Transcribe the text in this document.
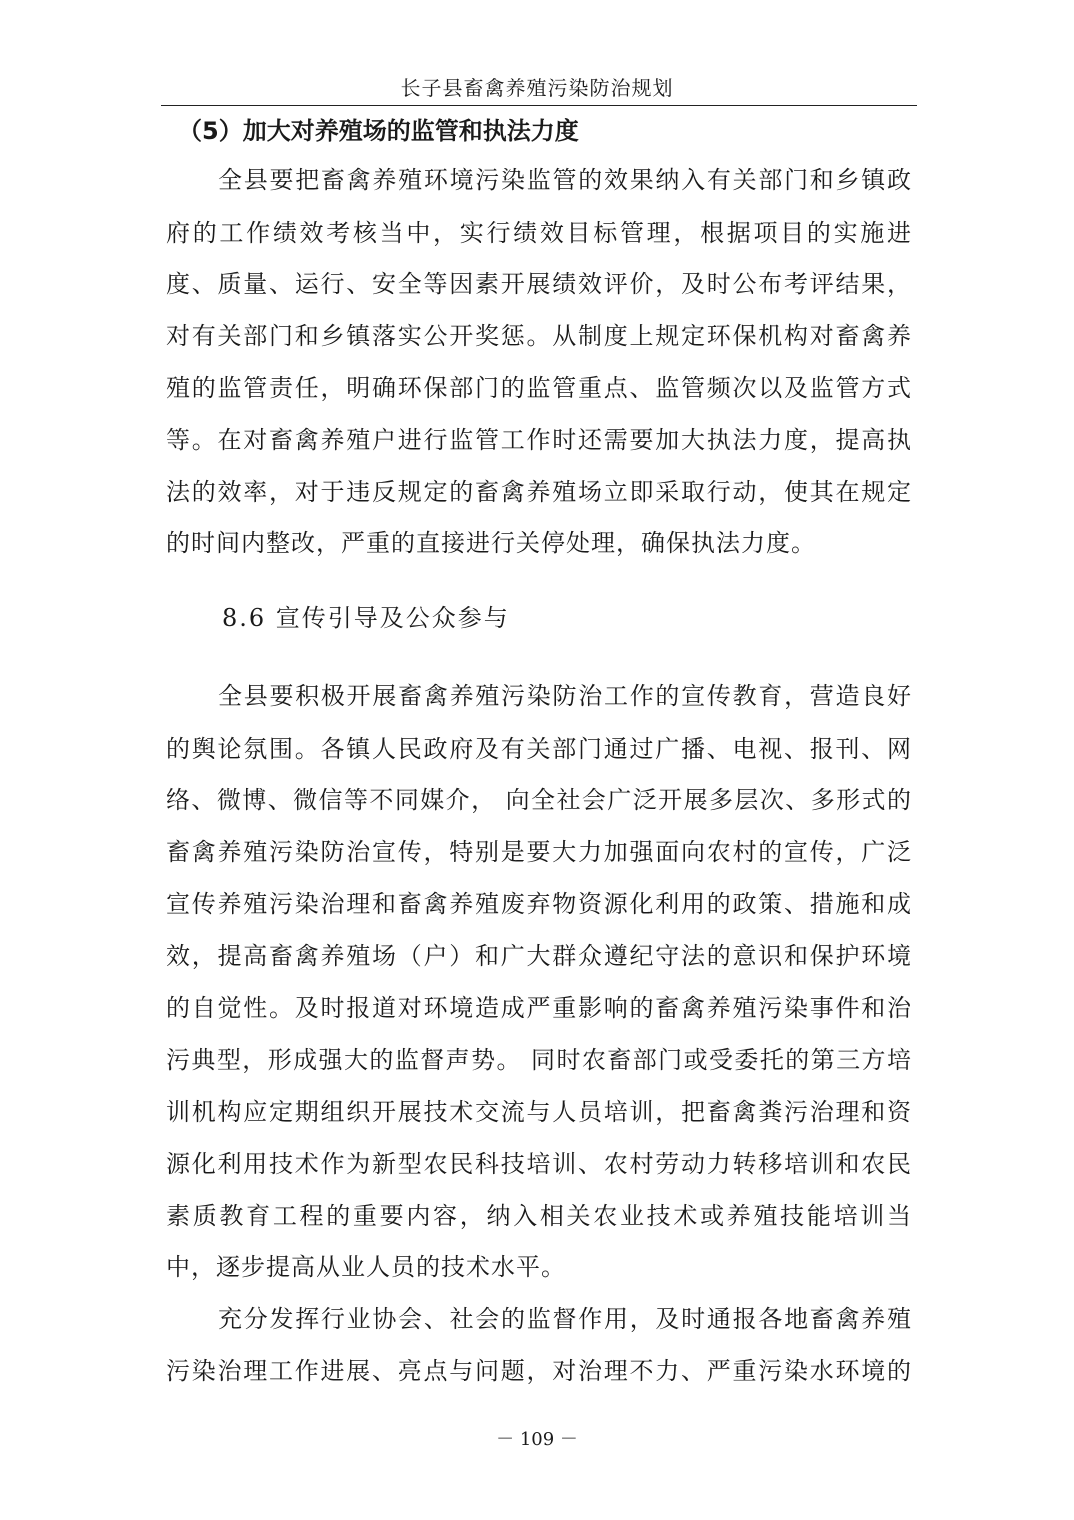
长子县畜禽养殖污染防治规划
（5）加大对养殖场的监管和执法力度
全县要把畜禽养殖环境污染监管的效果纳入有关部门和乡镇政
府的工作绩效考核当中，实行绩效目标管理，根据项目的实施进
度、质量、运行、安全等因素开展绩效评价，及时公布考评结果，
对有关部门和乡镇落实公开奖惩。从制度上规定环保机构对畜禽养
殖的监管责任，明确环保部门的监管重点、监管频次以及监管方式
等。在对畜禽养殖户进行监管工作时还需要加大执法力度，提高执
法的效率，对于违反规定的畜禽养殖场立即采取行动，使其在规定
的时间内整改，严重的直接进行关停处理，确保执法力度。
8.6 宣传引导及公众参与
全县要积极开展畜禽养殖污染防治工作的宣传教育，营造良好
的舆论氛围。各镇人民政府及有关部门通过广播、电视、报刊、网
络、微博、微信等不同媒介， 向全社会广泛开展多层次、多形式的
畜禽养殖污染防治宣传，特别是要大力加强面向农村的宣传，广泛
宣传养殖污染治理和畜禽养殖废弃物资源化利用的政策、措施和成
效，提高畜禽养殖场（户）和广大群众遵纪守法的意识和保护环境
的自觉性。及时报道对环境造成严重影响的畜禽养殖污染事件和治
污典型，形成强大的监督声势。 同时农畜部门或受委托的第三方培
训机构应定期组织开展技术交流与人员培训，把畜禽粪污治理和资
源化利用技术作为新型农民科技培训、农村劳动力转移培训和农民
素质教育工程的重要内容，纳入相关农业技术或养殖技能培训当
中，逐步提高从业人员的技术水平。
充分发挥行业协会、社会的监督作用，及时通报各地畜禽养殖
污染治理工作进展、亮点与问题，对治理不力、严重污染水环境的
－ 109 －
